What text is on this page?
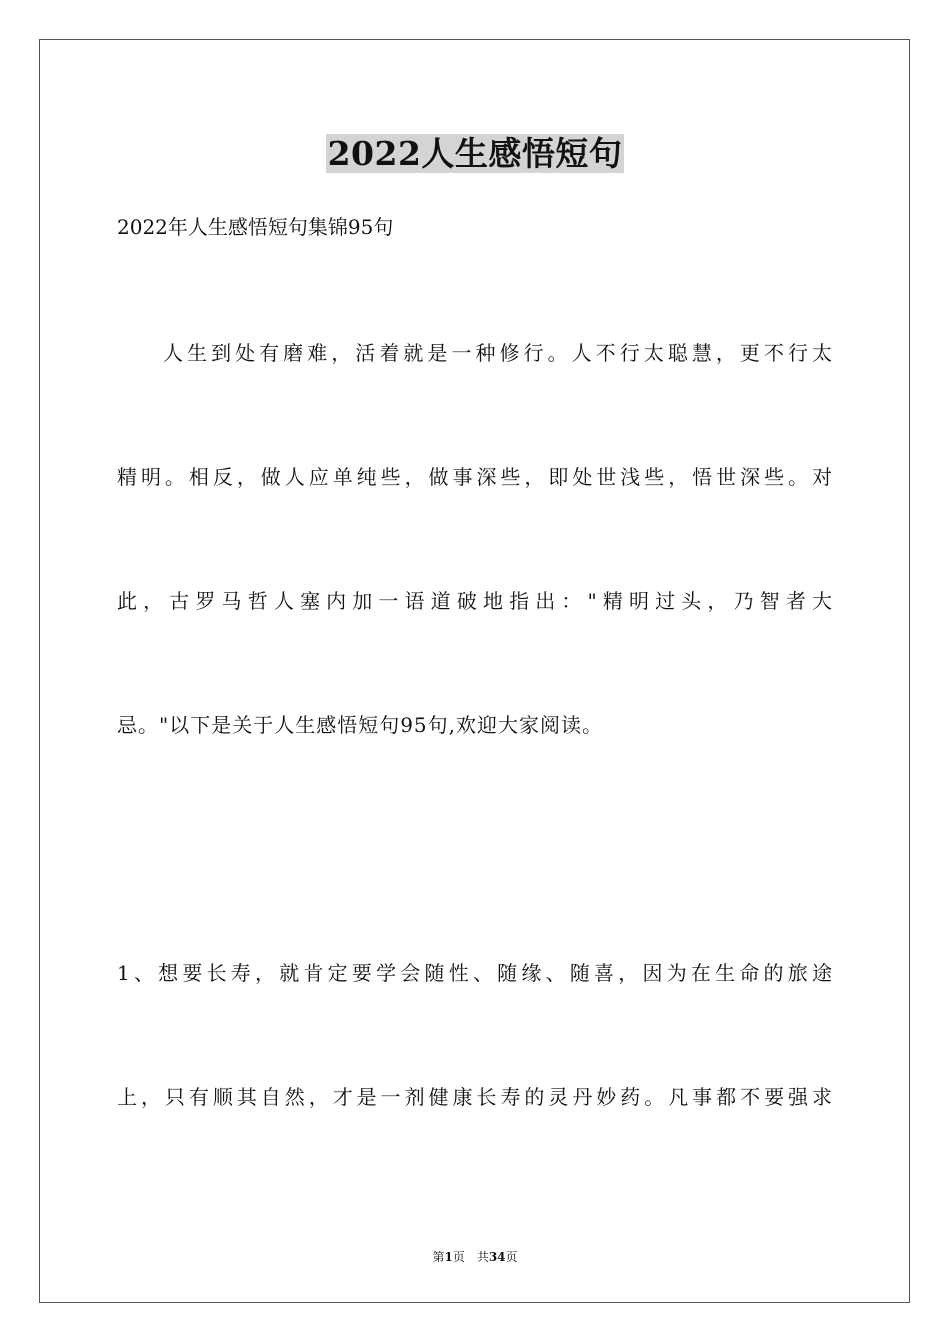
2022人生感悟短句
2022年人生感悟短句集锦95句
人生到处有磨难，活着就是一种修行。人不行太聪慧，更不行太
精明。相反，做人应单纯些，做事深些，即处世浅些，悟世深些。对
此，古罗马哲人塞内加一语道破地指出："精明过头，乃智者大
忌。"以下是关于人生感悟短句95句,欢迎大家阅读。
1、想要长寿，就肯定要学会随性、随缘、随喜，因为在生命的旅途
上，只有顺其自然，才是一剂健康长寿的灵丹妙药。凡事都不要强求
第1页　共34页
